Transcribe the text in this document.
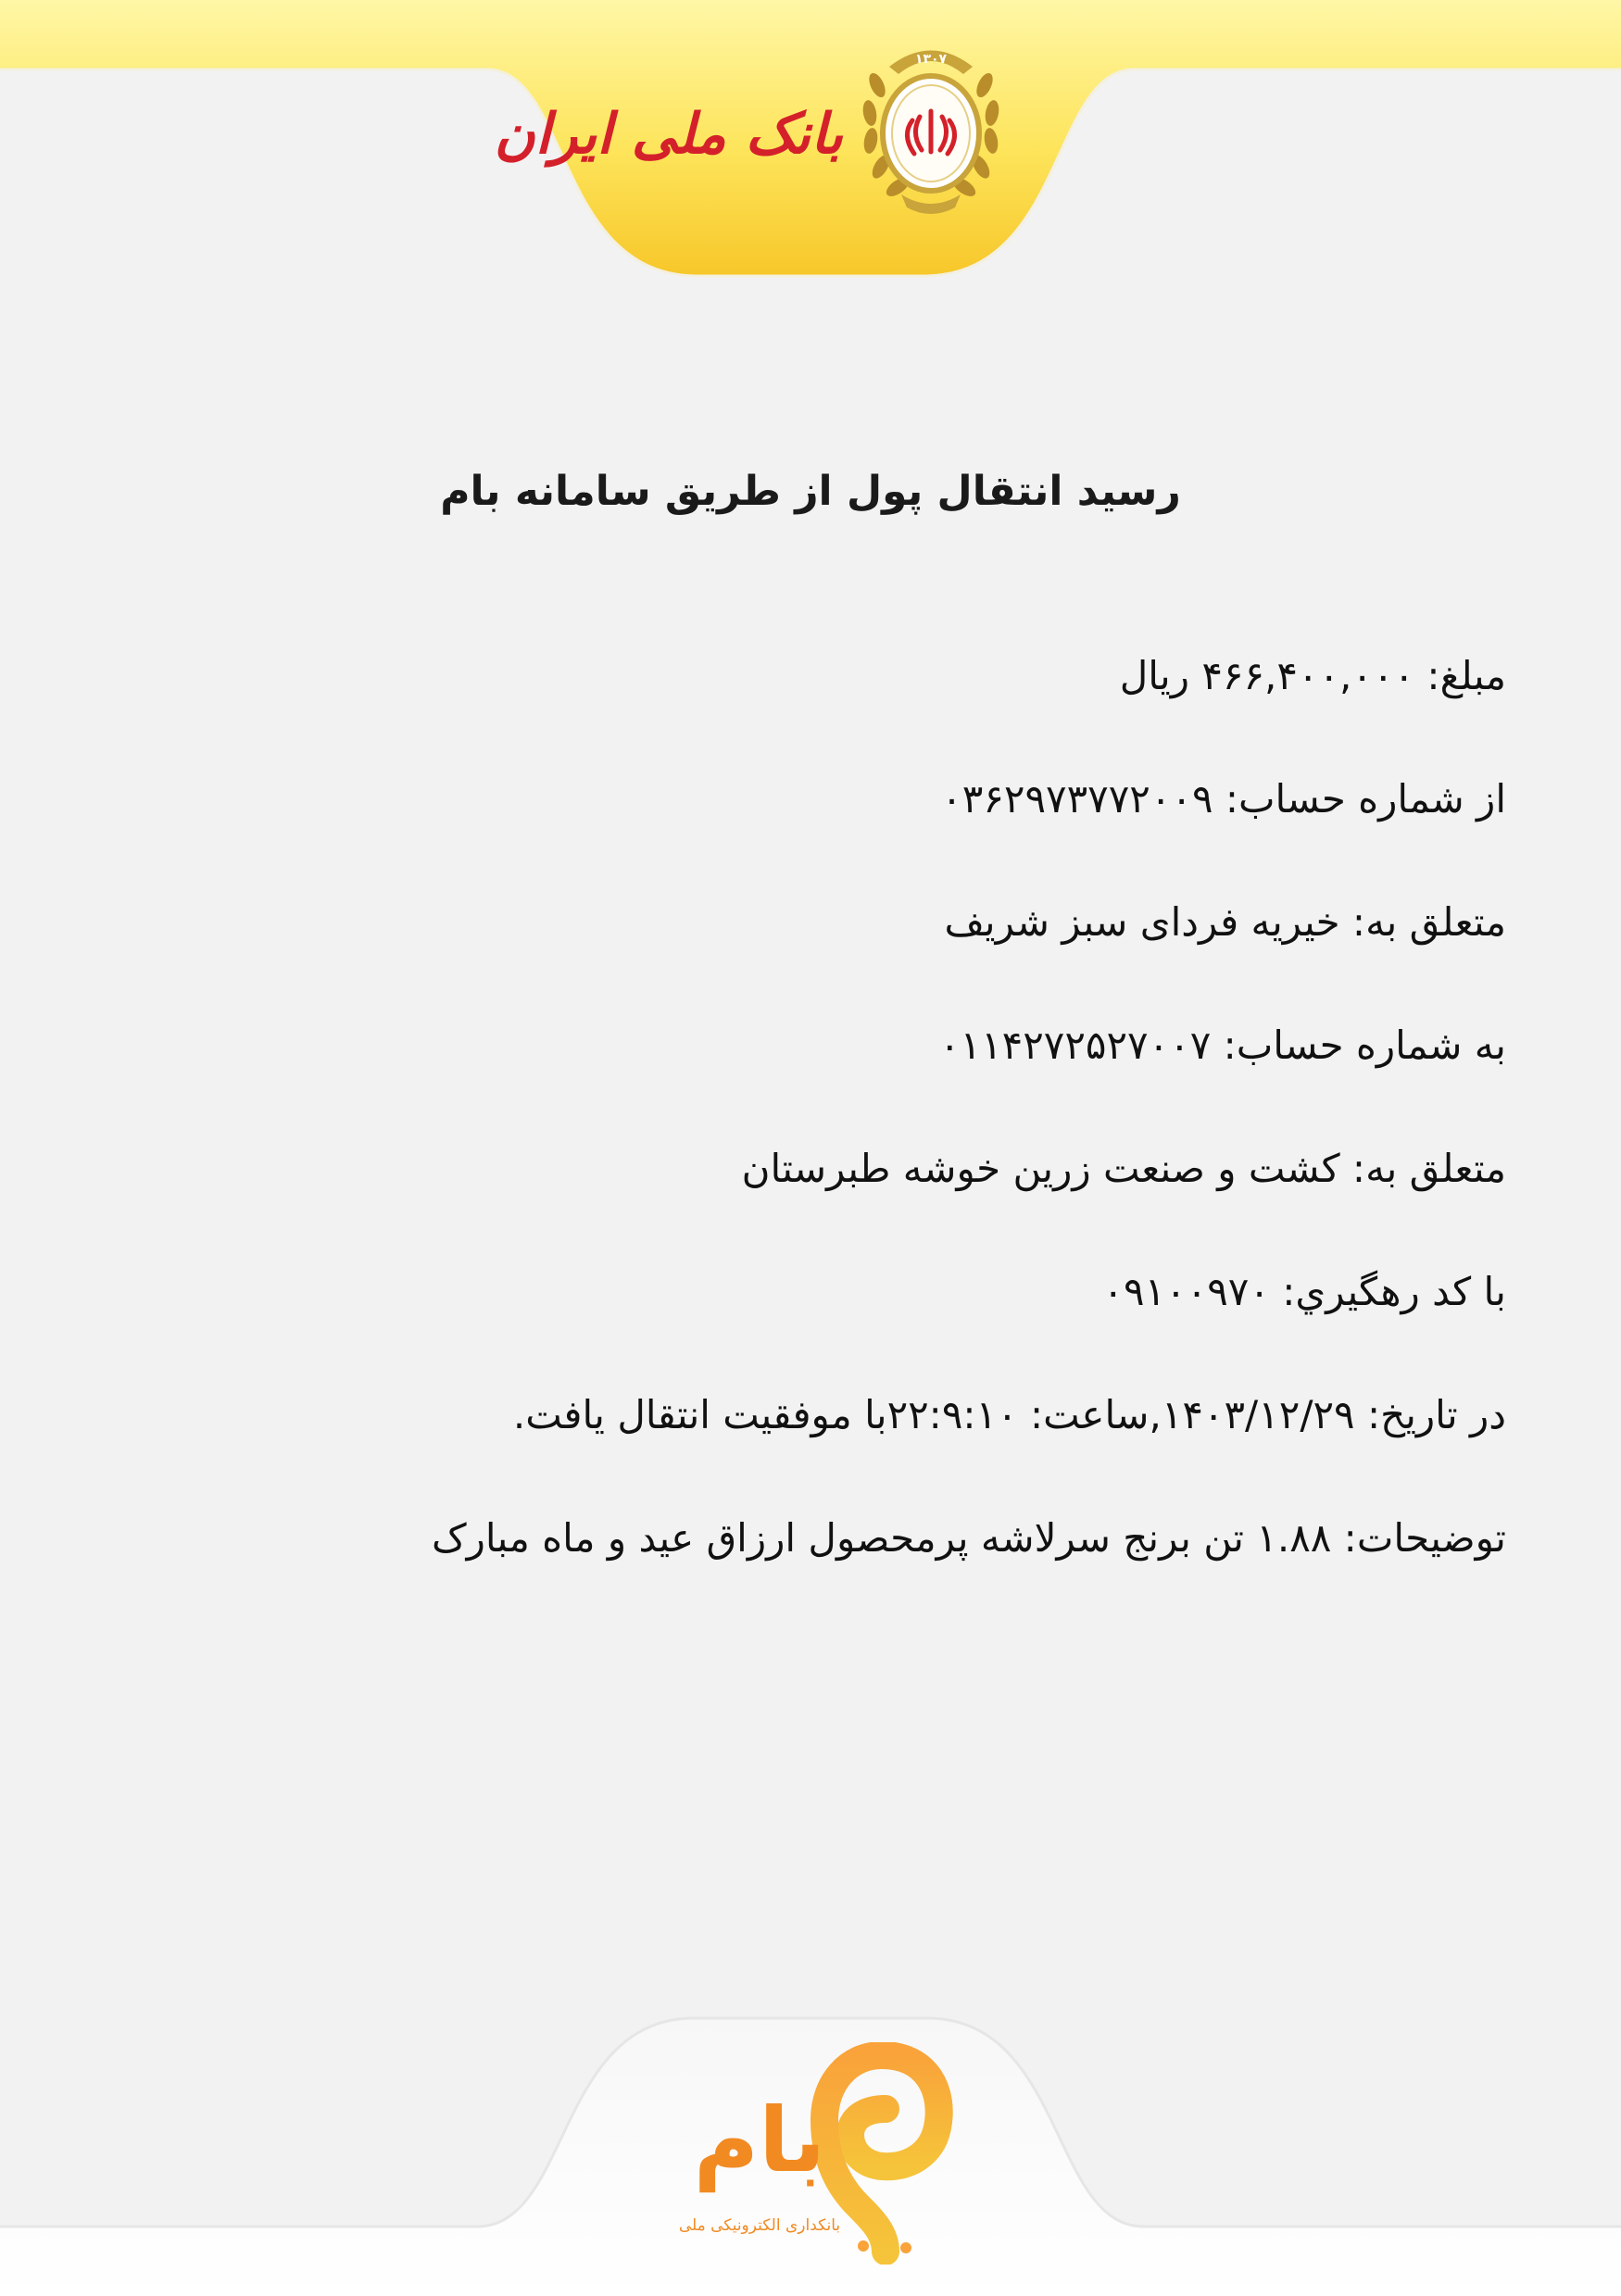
بانک ملی ایران
۱۳۰۷
رسید انتقال پول از طریق سامانه بام
مبلغ: ۴۶۶,۴۰۰,۰۰۰ ریال
از شماره حساب: ۰۳۶۲۹۷۳۷۷۲۰۰۹
متعلق به: خیریه فردای سبز شریف
به شماره حساب: ۰۱۱۴۲۷۲۵۲۷۰۰۷
متعلق به: کشت و صنعت زرین خوشه طبرستان
با کد رهگيري: ۰۹۱۰۰۹۷۰
در تاریخ: ۱۴۰۳/۱۲/۲۹,ساعت: ۲۲:۹:۱۰با موفقیت انتقال یافت.
توضیحات: ۱.۸۸ تن برنج سرلاشه پرمحصول ارزاق عید و ماه مبارک
بام
بانکداری الکترونیکی ملی
